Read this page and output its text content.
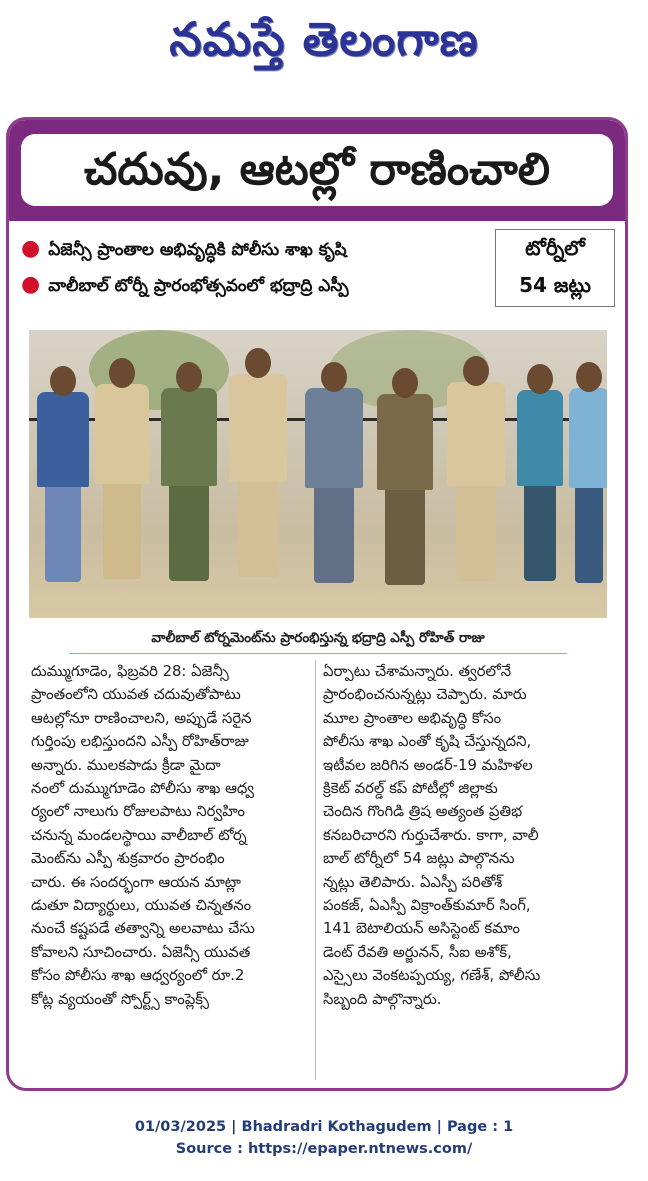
నమస్తే తెలంగాణ
చదువు, ఆటల్లో రాణించాలి
● ఏజెన్సీ ప్రాంతాల అభివృద్ధికి పోలీసు శాఖ కృషి
● వాలీబాల్ టోర్నీ ప్రారంభోత్సవంలో భద్రాద్రి ఎస్పీ
టోర్నీలో
54 జట్లు
వాలీబాల్ టోర్నమెంట్‌ను ప్రారంభిస్తున్న భద్రాద్రి ఎస్పీ రోహిత్ రాజు

దుమ్ముగూడెం, ఫిబ్రవరి 28: ఏజెన్సీ

ప్రాంతంలోని యువత చదువుతోపాటు

ఆటల్లోనూ రాణించాలని, అప్పుడే సరైన

గుర్తింపు లభిస్తుందని ఎస్పీ రోహిత్‌రాజు

అన్నారు. ములకపాడు క్రీడా మైదా

నంలో దుమ్ముగూడెం పోలీసు శాఖ ఆధ్వ

ర్యంలో నాలుగు రోజులపాటు నిర్వహిం

చనున్న మండలస్థాయి వాలీబాల్ టోర్న

మెంట్‌ను ఎస్పీ శుక్రవారం ప్రారంభిం

చారు. ఈ సందర్భంగా ఆయన మాట్లా

డుతూ విద్యార్థులు, యువత చిన్నతనం

నుంచే కష్టపడే తత్వాన్ని అలవాటు చేసు

కోవాలని సూచించారు. ఏజెన్సీ యువత

కోసం పోలీసు శాఖ ఆధ్వర్యంలో రూ.2

కోట్ల వ్యయంతో స్పోర్ట్స్ కాంప్లెక్స్

ఏర్పాటు చేశామన్నారు. త్వరలోనే

ప్రారంభించనున్నట్లు చెప్పారు. మారు

మూల ప్రాంతాల అభివృద్ధి కోసం

పోలీసు శాఖ ఎంతో కృషి చేస్తున్నదని,

ఇటీవల జరిగిన అండర్-19 మహిళల

క్రికెట్ వరల్డ్ కప్ పోటీల్లో జిల్లాకు

చెందిన గొంగిడి త్రిష అత్యంత ప్రతిభ

కనబరిచారని గుర్తుచేశారు. కాగా, వాలీ

బాల్ టోర్నీలో 54 జట్లు పాల్గొనను

న్నట్లు తెలిపారు. ఏఎస్పీ పరితోశ్

పంకజ్, ఏఎస్పీ విక్రాంత్‌కుమార్ సింగ్,

141 బెటాలియన్ అసిస్టెంట్ కమాం

డెంట్ రేవతి అర్జునన్, సీఐ అశోక్,

ఎస్సైలు వెంకటప్పయ్య, గణేశ్, పోలీసు

సిబ్బంది పాల్గొన్నారు.

01/03/2025 | Bhadradri Kothagudem | Page : 1
Source : https://epaper.ntnews.com/
